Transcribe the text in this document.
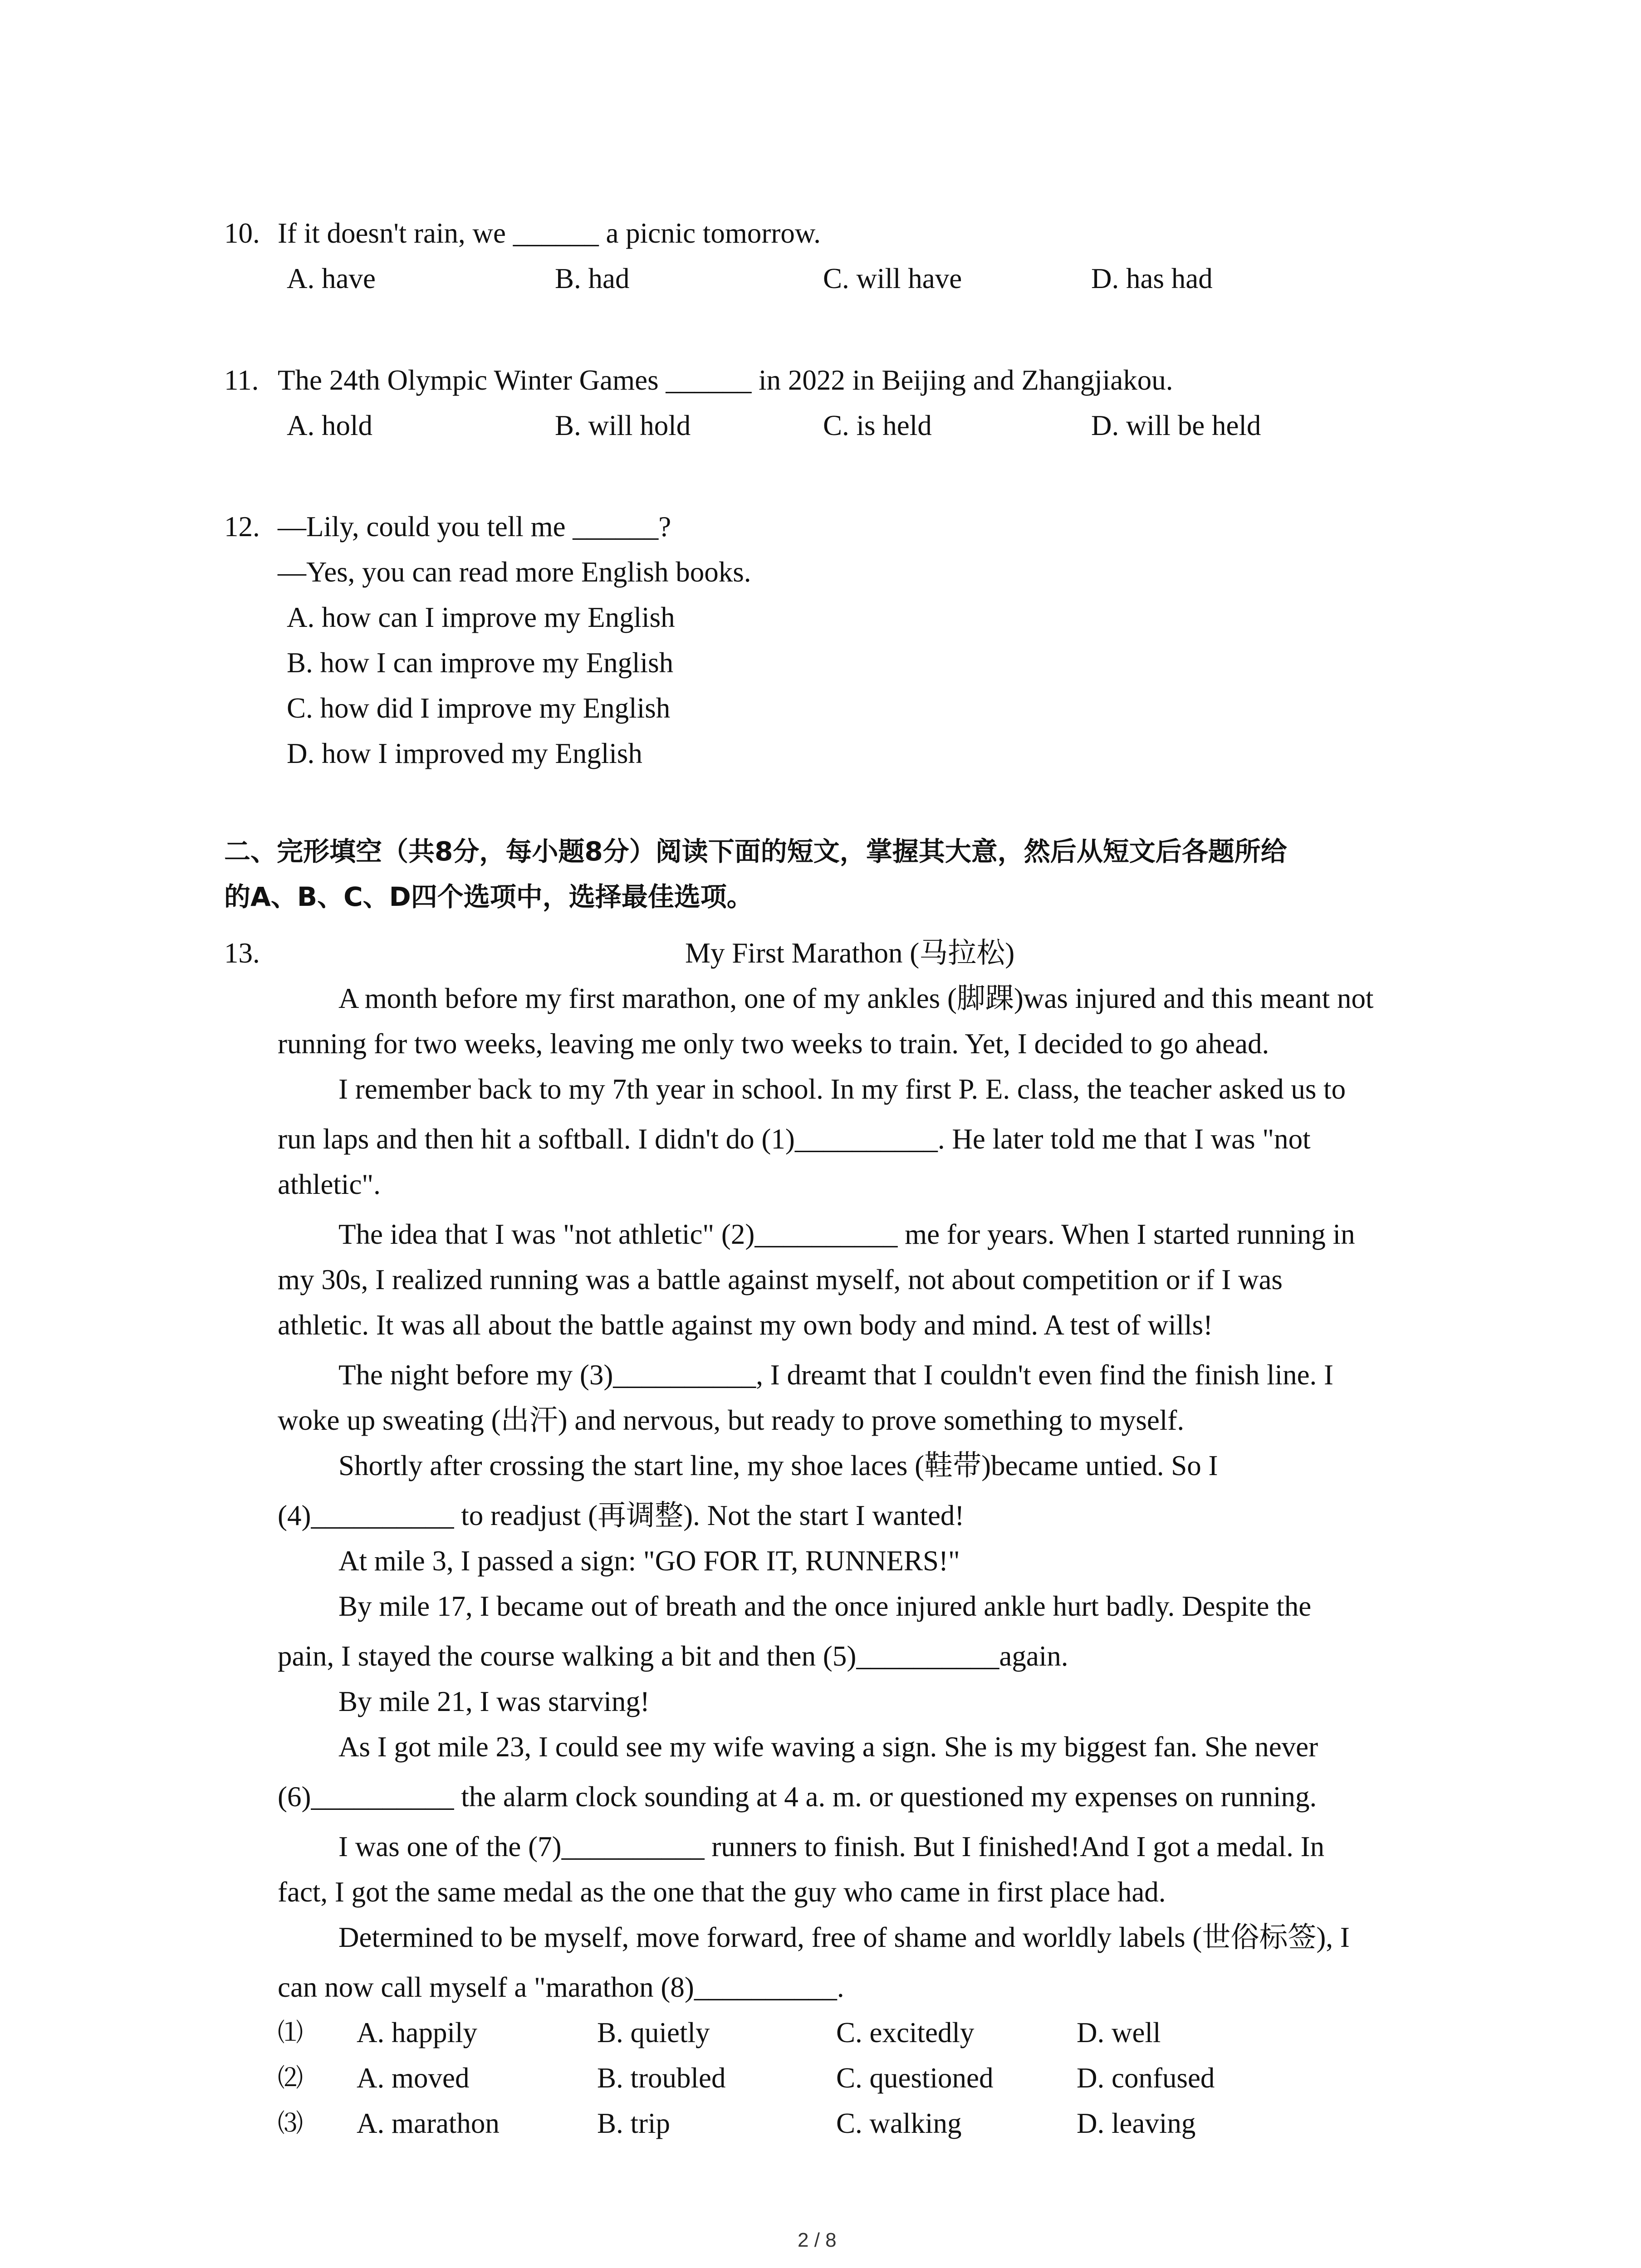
10. If it doesn't rain, we ______ a picnic tomorrow.
A. have	B. had	C. will have	D. has had
11. The 24th Olympic Winter Games ______ in 2022 in Beijing and Zhangjiakou.
A. hold	B. will hold	C. is held	D. will be held
12. —Lily, could you tell me ______?
—Yes, you can read more English books.
A. how can I improve my English
B. how I can improve my English
C. how did I improve my English
D. how I improved my English
二、完形填空（共8分，每小题8分）阅读下面的短文，掌握其大意，然后从短文后各题所给
的A、B、C、D四个选项中，选择最佳选项。
13.	My First Marathon (马拉松)
A month before my first marathon, one of my ankles (脚踝)was injured and this meant not
running for two weeks, leaving me only two weeks to train. Yet, I decided to go ahead.
I remember back to my 7th year in school. In my first P. E. class, the teacher asked us to
run laps and then hit a softball. I didn't do (1)__________. He later told me that I was "not
athletic".
The idea that I was "not athletic" (2)__________ me for years. When I started running in
my 30s, I realized running was a battle against myself, not about competition or if I was
athletic. It was all about the battle against my own body and mind. A test of wills!
The night before my (3)__________, I dreamt that I couldn't even find the finish line. I
woke up sweating (出汗) and nervous, but ready to prove something to myself.
Shortly after crossing the start line, my shoe laces (鞋带)became untied. So I
(4)__________ to readjust (再调整). Not the start I wanted!
At mile 3, I passed a sign: "GO FOR IT, RUNNERS!"
By mile 17, I became out of breath and the once injured ankle hurt badly. Despite the
pain, I stayed the course walking a bit and then (5)__________again.
By mile 21, I was starving!
As I got mile 23, I could see my wife waving a sign. She is my biggest fan. She never
(6)__________ the alarm clock sounding at 4 a. m. or questioned my expenses on running.
I was one of the (7)__________ runners to finish. But I finished!And I got a medal. In
fact, I got the same medal as the one that the guy who came in first place had.
Determined to be myself, move forward, free of shame and worldly labels (世俗标签), I
can now call myself a "marathon (8)__________.
⑴ A. happily	B. quietly	C. excitedly	D. well
⑵ A. moved	B. troubled	C. questioned	D. confused
⑶ A. marathon	B. trip	C. walking	D. leaving
2 / 8
